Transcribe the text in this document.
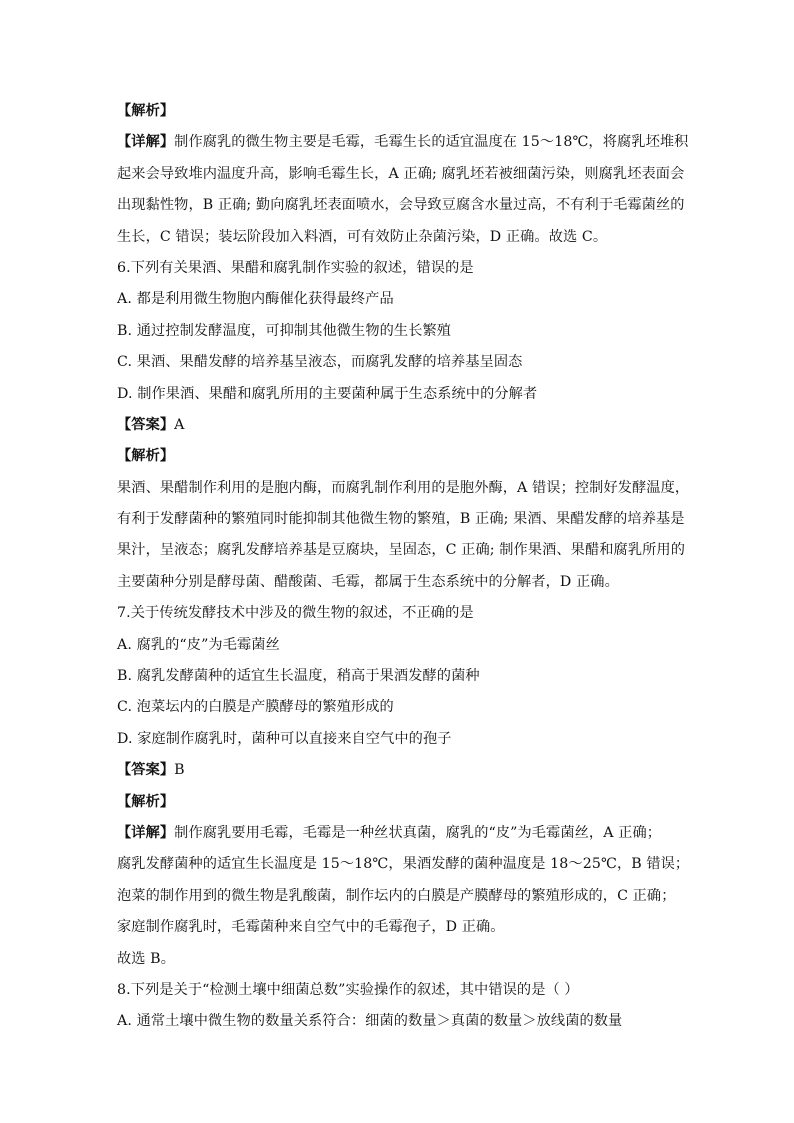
【解析】
【详解】制作腐乳的微生物主要是毛霉，毛霉生长的适宜温度在 15～18℃，将腐乳坯堆积
起来会导致堆内温度升高，影响毛霉生长，A 正确; 腐乳坯若被细菌污染，则腐乳坯表面会
出现黏性物，B 正确; 勤向腐乳坯表面喷水，会导致豆腐含水量过高，不有利于毛霉菌丝的
生长，C 错误；装坛阶段加入料酒，可有效防止杂菌污染，D 正确。故选 C。
6.下列有关果酒、果醋和腐乳制作实验的叙述，错误的是
A. 都是利用微生物胞内酶催化获得最终产品
B. 通过控制发酵温度，可抑制其他微生物的生长繁殖
C. 果酒、果醋发酵的培养基呈液态，而腐乳发酵的培养基呈固态
D. 制作果酒、果醋和腐乳所用的主要菌种属于生态系统中的分解者
【答案】A
【解析】
果酒、果醋制作利用的是胞内酶，而腐乳制作利用的是胞外酶，A 错误；控制好发酵温度，
有利于发酵菌种的繁殖同时能抑制其他微生物的繁殖，B 正确; 果酒、果醋发酵的培养基是
果汁，呈液态；腐乳发酵培养基是豆腐块，呈固态，C 正确; 制作果酒、果醋和腐乳所用的
主要菌种分别是酵母菌、醋酸菌、毛霉，都属于生态系统中的分解者，D 正确。
7.关于传统发酵技术中涉及的微生物的叙述，不正确的是
A. 腐乳的“皮”为毛霉菌丝
B. 腐乳发酵菌种的适宜生长温度，稍高于果酒发酵的菌种
C. 泡菜坛内的白膜是产膜酵母的繁殖形成的
D. 家庭制作腐乳时，菌种可以直接来自空气中的孢子
【答案】B
【解析】
【详解】制作腐乳要用毛霉，毛霉是一种丝状真菌，腐乳的“皮”为毛霉菌丝，A 正确；
腐乳发酵菌种的适宜生长温度是 15～18℃，果酒发酵的菌种温度是 18～25℃，B 错误；
泡菜的制作用到的微生物是乳酸菌，制作坛内的白膜是产膜酵母的繁殖形成的，C 正确；
家庭制作腐乳时，毛霉菌种来自空气中的毛霉孢子，D 正确。
故选 B。
8.下列是关于“检测土壤中细菌总数”实验操作的叙述，其中错误的是（ ）
A. 通常土壤中微生物的数量关系符合：细菌的数量＞真菌的数量＞放线菌的数量
